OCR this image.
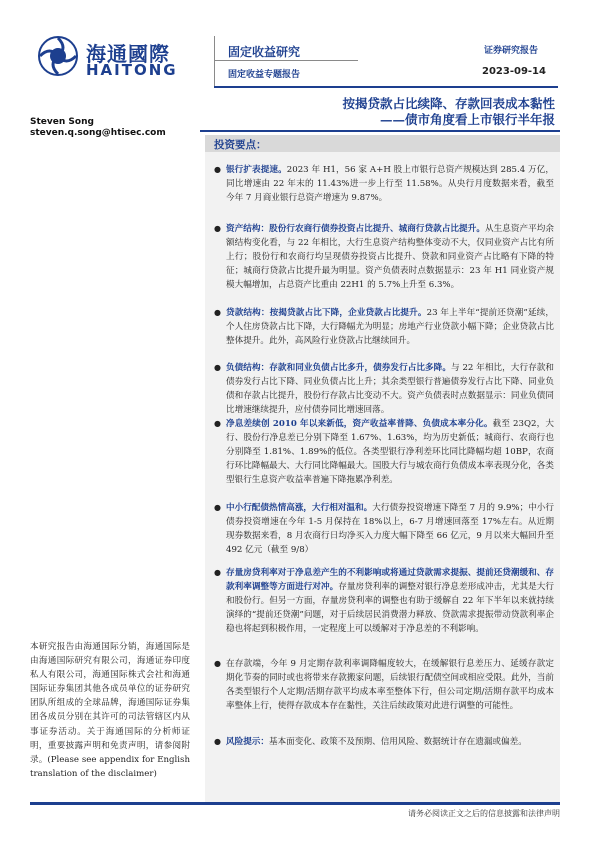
海通國際
HAITONG
固定收益研究
固定收益专题报告
证券研究报告
2023-09-14
按揭贷款占比续降、存款回表成本黏性
——债市角度看上市银行半年报
Steven Song
steven.q.song@htisec.com
投资要点：
● 银行扩表提速。2023 年 H1，56 家 A+H 股上市银行总资产规模达到 285.4 万亿，同比增速由 22 年末的 11.43%进一步上行至 11.58%。从央行月度数据来看，截至今年 7 月商业银行总资产增速为 9.87%。
● 资产结构：股份行农商行债券投资占比提升、城商行贷款占比提升。从生息资产平均余额结构变化看，与 22 年相比，大行生息资产结构整体变动不大，仅同业资产占比有所上行；股份行和农商行均呈现债券投资占比提升、贷款和同业资产占比略有下降的特征；城商行贷款占比提升最为明显。资产负债表时点数据显示：23 年 H1 同业资产规模大幅增加，占总资产比重由 22H1 的 5.7%上升至 6.3%。
● 贷款结构：按揭贷款占比下降，企业贷款占比提升。23 年上半年“提前还贷潮”延续，个人住房贷款占比下降，大行降幅尤为明显；房地产行业贷款小幅下降；企业贷款占比整体提升。此外，高风险行业贷款占比继续回升。
● 负债结构：存款和同业负债占比多升，债券发行占比多降。与 22 年相比，大行存款和债券发行占比下降、同业负债占比上升；其余类型银行普遍债券发行占比下降、同业负债和存款占比提升，股份行存款占比变动不大。资产负债表时点数据显示：同业负债同比增速继续提升，应付债券同比增速回落。
● 净息差续创 2010 年以来新低，资产收益率普降、负债成本率分化。截至 23Q2，大行、股份行净息差已分别下降至 1.67%、1.63%，均为历史新低；城商行、农商行也分别降至 1.81%、1.89%的低位。各类型银行净利差环比同比降幅均超 10BP，农商行环比降幅最大、大行同比降幅最大。国股大行与城农商行负债成本率表现分化，各类型银行生息资产收益率普遍下降拖累净利差。
● 中小行配债热情高涨，大行相对温和。大行债券投资增速下降至 7 月的 9.9%；中小行债券投资增速在今年 1-5 月保持在 18%以上，6-7 月增速回落至 17%左右。从近期现券数据来看，8 月农商行日均净买入力度大幅下降至 66 亿元，9 月以来大幅回升至 492 亿元（截至 9/8）
● 存量房贷利率对于净息差产生的不利影响或将通过贷款需求提振、提前还贷潮缓和、存款利率调整等方面进行对冲。存量房贷利率的调整对银行净息差形成冲击，尤其是大行和股份行。但另一方面，存量房贷利率的调整也有助于缓解自 22 年下半年以来就持续演绎的“提前还贷潮”问题，对于后续居民消费潜力释放、贷款需求提振带动贷款利率企稳也将起到积极作用，一定程度上可以缓解对于净息差的不利影响。
● 在存款端，今年 9 月定期存款利率调降幅度较大，在缓解银行息差压力、延缓存款定期化节奏的同时或也将带来存款搬家问题，后续银行配债空间或相应受限。此外，当前各类型银行个人定期/活期存款平均成本率至整体下行，但公司定期/活期存款平均成本率整体上行，使得存款成本存在黏性，关注后续政策对此进行调整的可能性。
● 风险提示：基本面变化、政策不及预期、信用风险、数据统计存在遗漏或偏差。
本研究报告由海通国际分销，海通国际是由海通国际研究有限公司，海通证券印度私人有限公司，海通国际株式会社和海通国际证券集团其他各成员单位的证券研究团队所组成的全球品牌，海通国际证券集团各成员分别在其许可的司法管辖区内从事证券活动。关于海通国际的分析师证明，重要披露声明和免责声明，请参阅附录。(Please see appendix for English translation of the disclaimer)
请务必阅读正文之后的信息披露和法律声明
